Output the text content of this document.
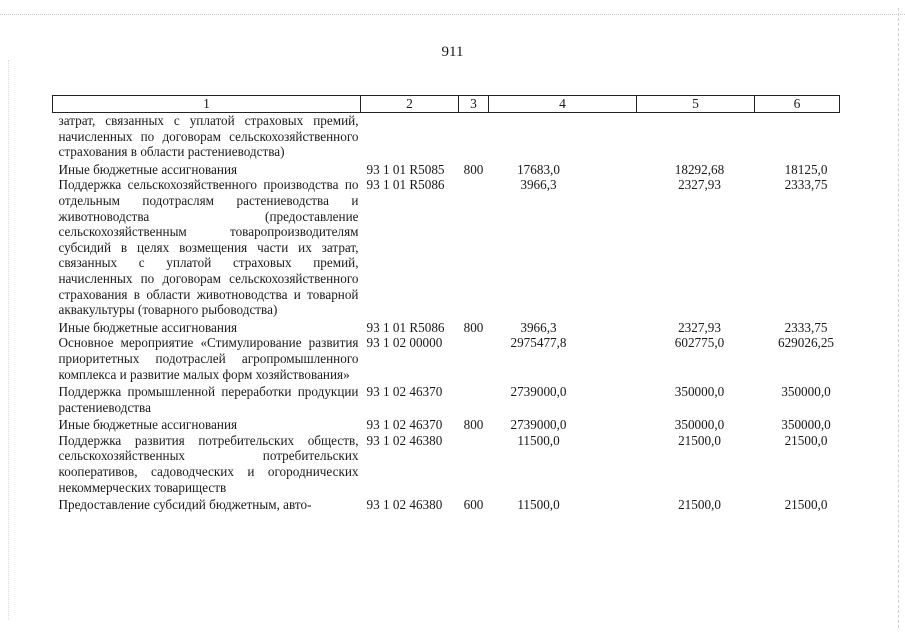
911
1	2	3	4	5	6
затрат, связанных с уплатой страховых премий, начисленных по договорам сельскохозяйственного страхования в области растениеводства)					

Иные бюджетные ассигнования	93 1 01 R5085	800	17683,0	18292,68	18125,0
Поддержка сельскохозяйственного производства по отдельным подотраслям растениеводства и животноводства (предоставление сельскохозяйственным товаропроизводителям субсидий в целях возмещения части их затрат, связанных с уплатой страховых премий, начисленных по договорам сельскохозяйственного страхования в области животноводства и товарной аквакультуры (товарного рыбоводства)	93 1 01 R5086		3966,3	2327,93	2333,75

Иные бюджетные ассигнования	93 1 01 R5086	800	3966,3	2327,93	2333,75
Основное мероприятие «Стимулирование развития приоритетных подотраслей агропромышленного комплекса и развитие малых форм хозяйствования»	93 1 02 00000		2975477,8	602775,0	629026,25

Поддержка промышленной переработки продукции растениеводства	93 1 02 46370		2739000,0	350000,0	350000,0

Иные бюджетные ассигнования	93 1 02 46370	800	2739000,0	350000,0	350000,0
Поддержка развития потребительских обществ, сельскохозяйственных потребительских кооперативов, садоводческих и огороднических некоммерческих товариществ	93 1 02 46380		11500,0	21500,0	21500,0

Предоставление субсидий бюджетным, авто-	93 1 02 46380	600	11500,0	21500,0	21500,0
